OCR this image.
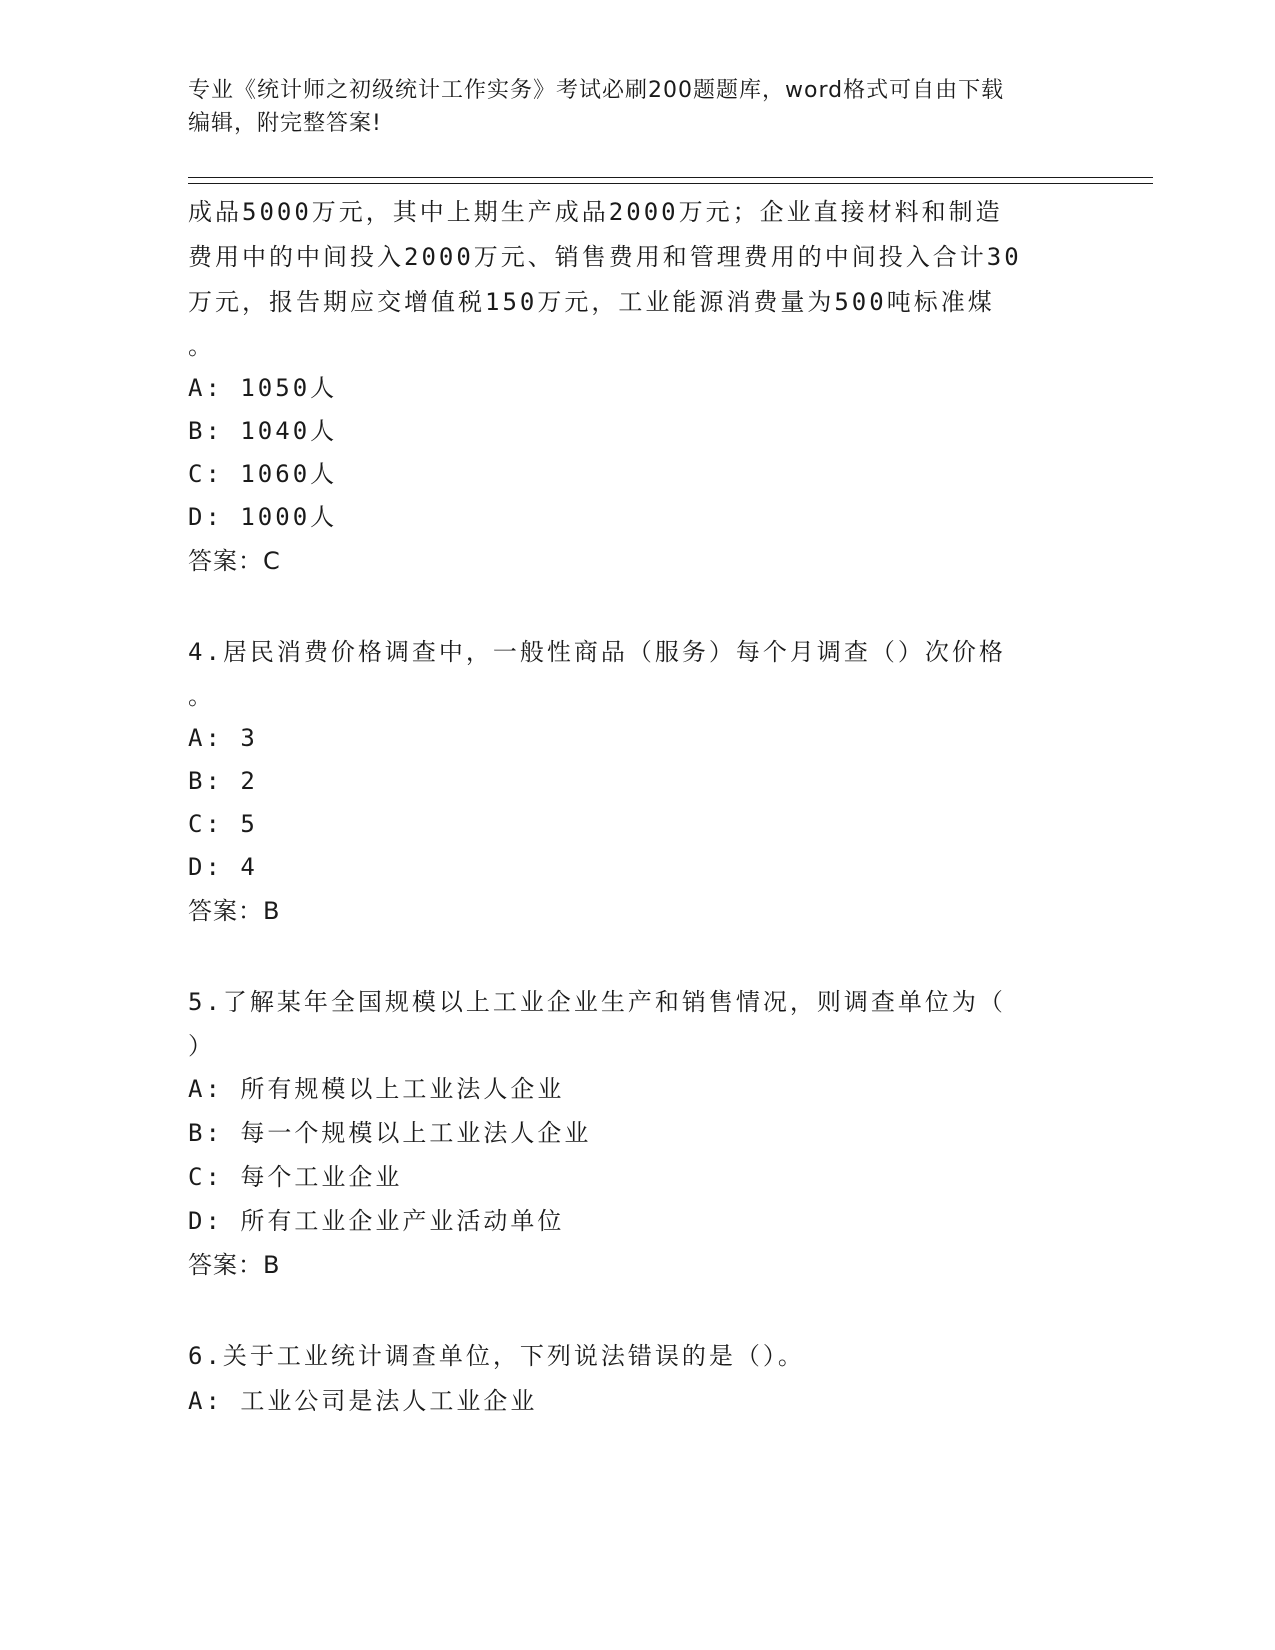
专业《统计师之初级统计工作实务》考试必刷200题题库，word格式可自由下载
编辑，附完整答案!
成品5000万元，其中上期生产成品2000万元；企业直接材料和制造
费用中的中间投入2000万元、销售费用和管理费用的中间投入合计30
万元，报告期应交增值税150万元，工业能源消费量为500吨标准煤
。
A: 1050人
B: 1040人
C: 1060人
D: 1000人
答案：C
4.居民消费价格调查中，一般性商品（服务）每个月调查（）次价格
。
A: 3
B: 2
C: 5
D: 4
答案：B
5.了解某年全国规模以上工业企业生产和销售情况，则调查单位为（
）
A: 所有规模以上工业法人企业
B: 每一个规模以上工业法人企业
C: 每个工业企业
D: 所有工业企业产业活动单位
答案：B
6.关于工业统计调查单位，下列说法错误的是（）。
A: 工业公司是法人工业企业
